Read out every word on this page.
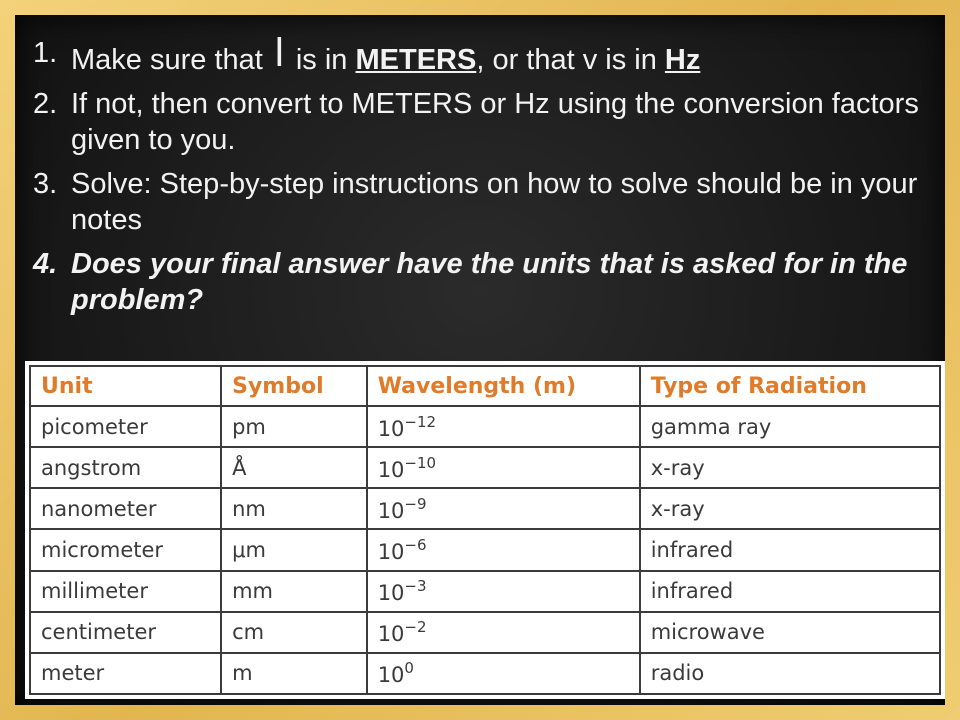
1. Make sure that l is in METERS, or that v is in Hz
2. If not, then convert to METERS or Hz using the conversion factors given to you.
3. Solve: Step-by-step instructions on how to solve should be in your notes
4. Does your final answer have the units that is asked for in the problem?
Unit	Symbol	Wavelength (m)	Type of Radiation
picometer	pm	$10^{-12}$	gamma ray
angstrom	Å	$10^{-10}$	x-ray
nanometer	nm	$10^{-9}$	x-ray
micrometer	μm	$10^{-6}$	infrared
millimeter	mm	$10^{-3}$	infrared
centimeter	cm	$10^{-2}$	microwave
meter	m	$10^0$	radio
